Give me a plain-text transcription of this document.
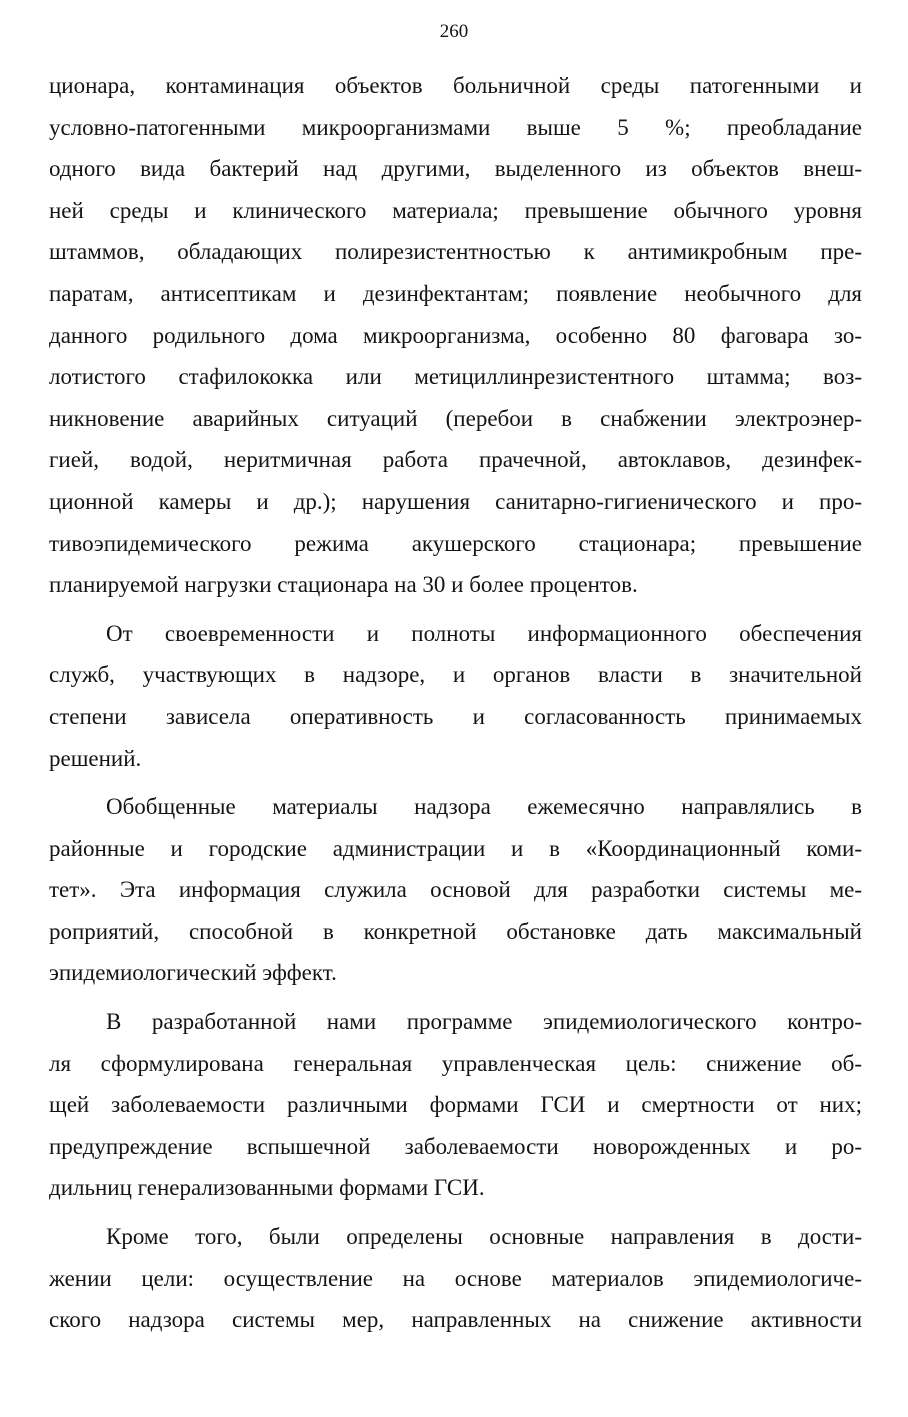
260
ционара, контаминация объектов больничной среды патогенными и
условно-патогенными микроорганизмами выше 5 %; преобладание
одного вида бактерий над другими, выделенного из объектов внеш-
ней среды и клинического материала; превышение обычного уровня
штаммов, обладающих полирезистентностью к антимикробным пре-
паратам, антисептикам и дезинфектантам; появление необычного для
данного родильного дома микроорганизма, особенно 80 фаговара зо-
лотистого стафилококка или метициллинрезистентного штамма; воз-
никновение аварийных ситуаций (перебои в снабжении электроэнер-
гией, водой, неритмичная работа прачечной, автоклавов, дезинфек-
ционной камеры и др.); нарушения санитарно-гигиенического и про-
тивоэпидемического режима акушерского стационара; превышение
планируемой нагрузки стационара на 30 и более процентов.
От своевременности и полноты информационного обеспечения
служб, участвующих в надзоре, и органов власти в значительной
степени зависела оперативность и согласованность принимаемых
решений.
Обобщенные материалы надзора ежемесячно направлялись в
районные и городские администрации и в «Координационный коми-
тет». Эта информация служила основой для разработки системы ме-
роприятий, способной в конкретной обстановке дать максимальный
эпидемиологический эффект.
В разработанной нами программе эпидемиологического контро-
ля сформулирована генеральная управленческая цель: снижение об-
щей заболеваемости различными формами ГСИ и смертности от них;
предупреждение вспышечной заболеваемости новорожденных и ро-
дильниц генерализованными формами ГСИ.
Кроме того, были определены основные направления в дости-
жении цели: осуществление на основе материалов эпидемиологиче-
ского надзора системы мер, направленных на снижение активности
